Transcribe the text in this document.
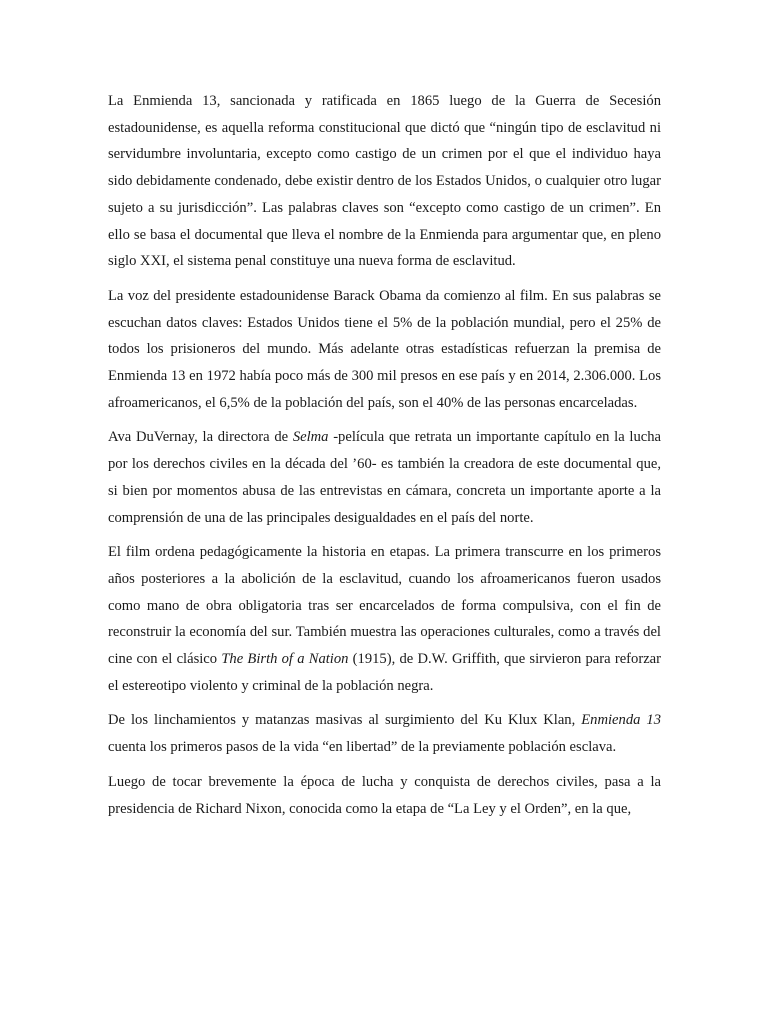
La Enmienda 13, sancionada y ratificada en 1865 luego de la Guerra de Secesión estadounidense, es aquella reforma constitucional que dictó que “ningún tipo de esclavitud ni servidumbre involuntaria, excepto como castigo de un crimen por el que el individuo haya sido debidamente condenado, debe existir dentro de los Estados Unidos, o cualquier otro lugar sujeto a su jurisdicción”. Las palabras claves son “excepto como castigo de un crimen”. En ello se basa el documental que lleva el nombre de la Enmienda para argumentar que, en pleno siglo XXI, el sistema penal constituye una nueva forma de esclavitud.

La voz del presidente estadounidense Barack Obama da comienzo al film. En sus palabras se escuchan datos claves: Estados Unidos tiene el 5% de la población mundial, pero el 25% de todos los prisioneros del mundo. Más adelante otras estadísticas refuerzan la premisa de Enmienda 13 en 1972 había poco más de 300 mil presos en ese país y en 2014, 2.306.000. Los afroamericanos, el 6,5% de la población del país, son el 40% de las personas encarceladas.

Ava DuVernay, la directora de Selma -película que retrata un importante capítulo en la lucha por los derechos civiles en la década del ’60- es también la creadora de este documental que, si bien por momentos abusa de las entrevistas en cámara, concreta un importante aporte a la comprensión de una de las principales desigualdades en el país del norte.

El film ordena pedagógicamente la historia en etapas. La primera transcurre en los primeros años posteriores a la abolición de la esclavitud, cuando los afroamericanos fueron usados como mano de obra obligatoria tras ser encarcelados de forma compulsiva, con el fin de reconstruir la economía del sur. También muestra las operaciones culturales, como a través del cine con el clásico The Birth of a Nation (1915), de D.W. Griffith, que sirvieron para reforzar el estereotipo violento y criminal de la población negra.

De los linchamientos y matanzas masivas al surgimiento del Ku Klux Klan, Enmienda 13 cuenta los primeros pasos de la vida “en libertad” de la previamente población esclava.

Luego de tocar brevemente la época de lucha y conquista de derechos civiles, pasa a la presidencia de Richard Nixon, conocida como la etapa de “La Ley y el Orden”, en la que,
